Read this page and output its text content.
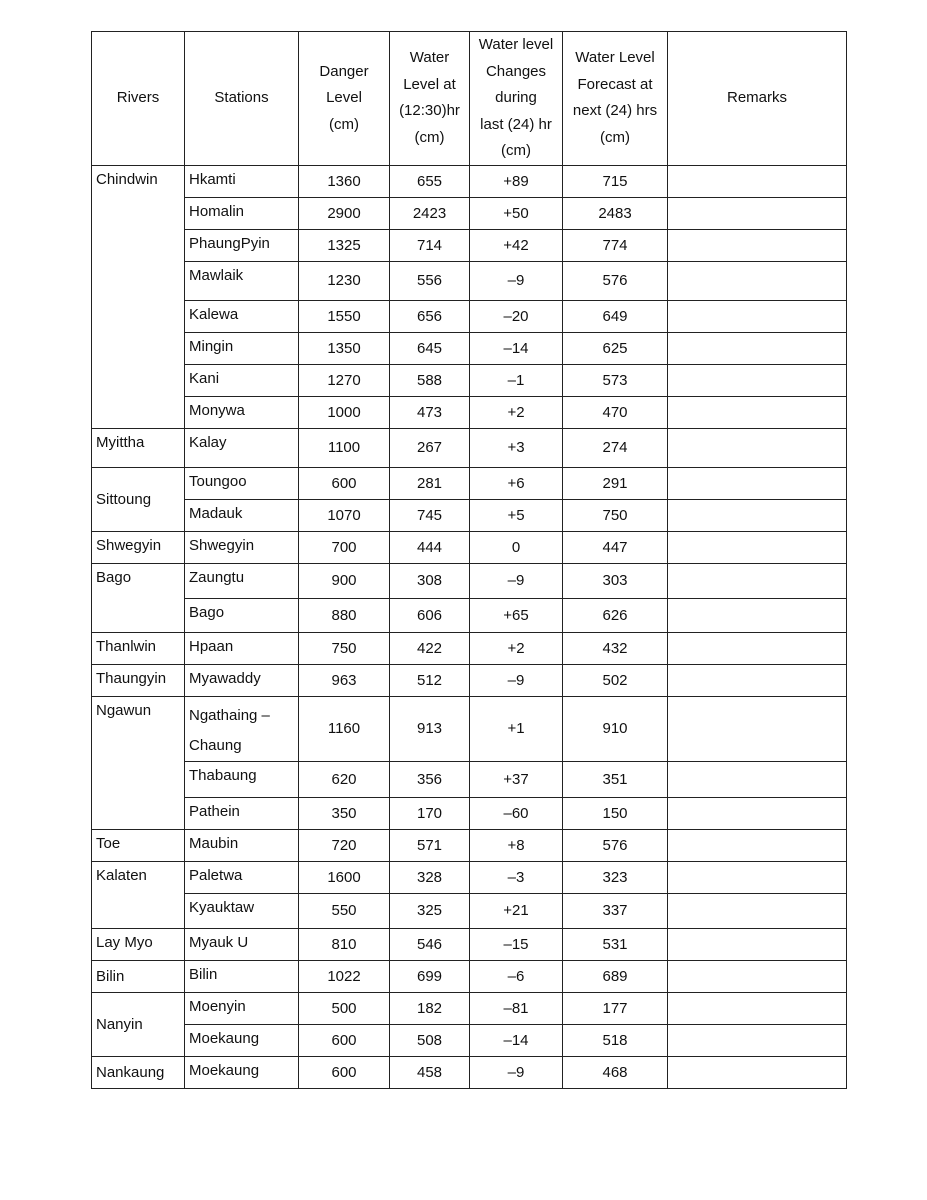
Rivers	Stations	Danger
Level
(cm)	Water
Level at
(12:30)hr
(cm)	Water level
Changes
during
last (24) hr
(cm)	Water Level
Forecast at
next (24) hrs
(cm)	Remarks
Chindwin	Hkamti	1360	655	+89	715	
	Homalin	2900	2423	+50	2483	
	PhaungPyin	1325	714	+42	774	
	Mawlaik	1230	556	–9	576	
	Kalewa	1550	656	–20	649	
	Mingin	1350	645	–14	625	
	Kani	1270	588	–1	573	
	Monywa	1000	473	+2	470	
Myittha	Kalay	1100	267	+3	274	
Sittoung	Toungoo	600	281	+6	291	
	Madauk	1070	745	+5	750	
Shwegyin	Shwegyin	700	444	0	447	
Bago	Zaungtu	900	308	–9	303	
	Bago	880	606	+65	626	
Thanlwin	Hpaan	750	422	+2	432	
Thaungyin	Myawaddy	963	512	–9	502	
Ngawun	Ngathaing – Chaung	1160	913	+1	910	
	Thabaung	620	356	+37	351	
	Pathein	350	170	–60	150	
Toe	Maubin	720	571	+8	576	
Kalaten	Paletwa	1600	328	–3	323	
	Kyauktaw	550	325	+21	337	
Lay Myo	Myauk U	810	546	–15	531	
Bilin	Bilin	1022	699	–6	689	
Nanyin	Moenyin	500	182	–81	177	
	Moekaung	600	508	–14	518	
Nankaung	Moekaung	600	458	–9	468	
